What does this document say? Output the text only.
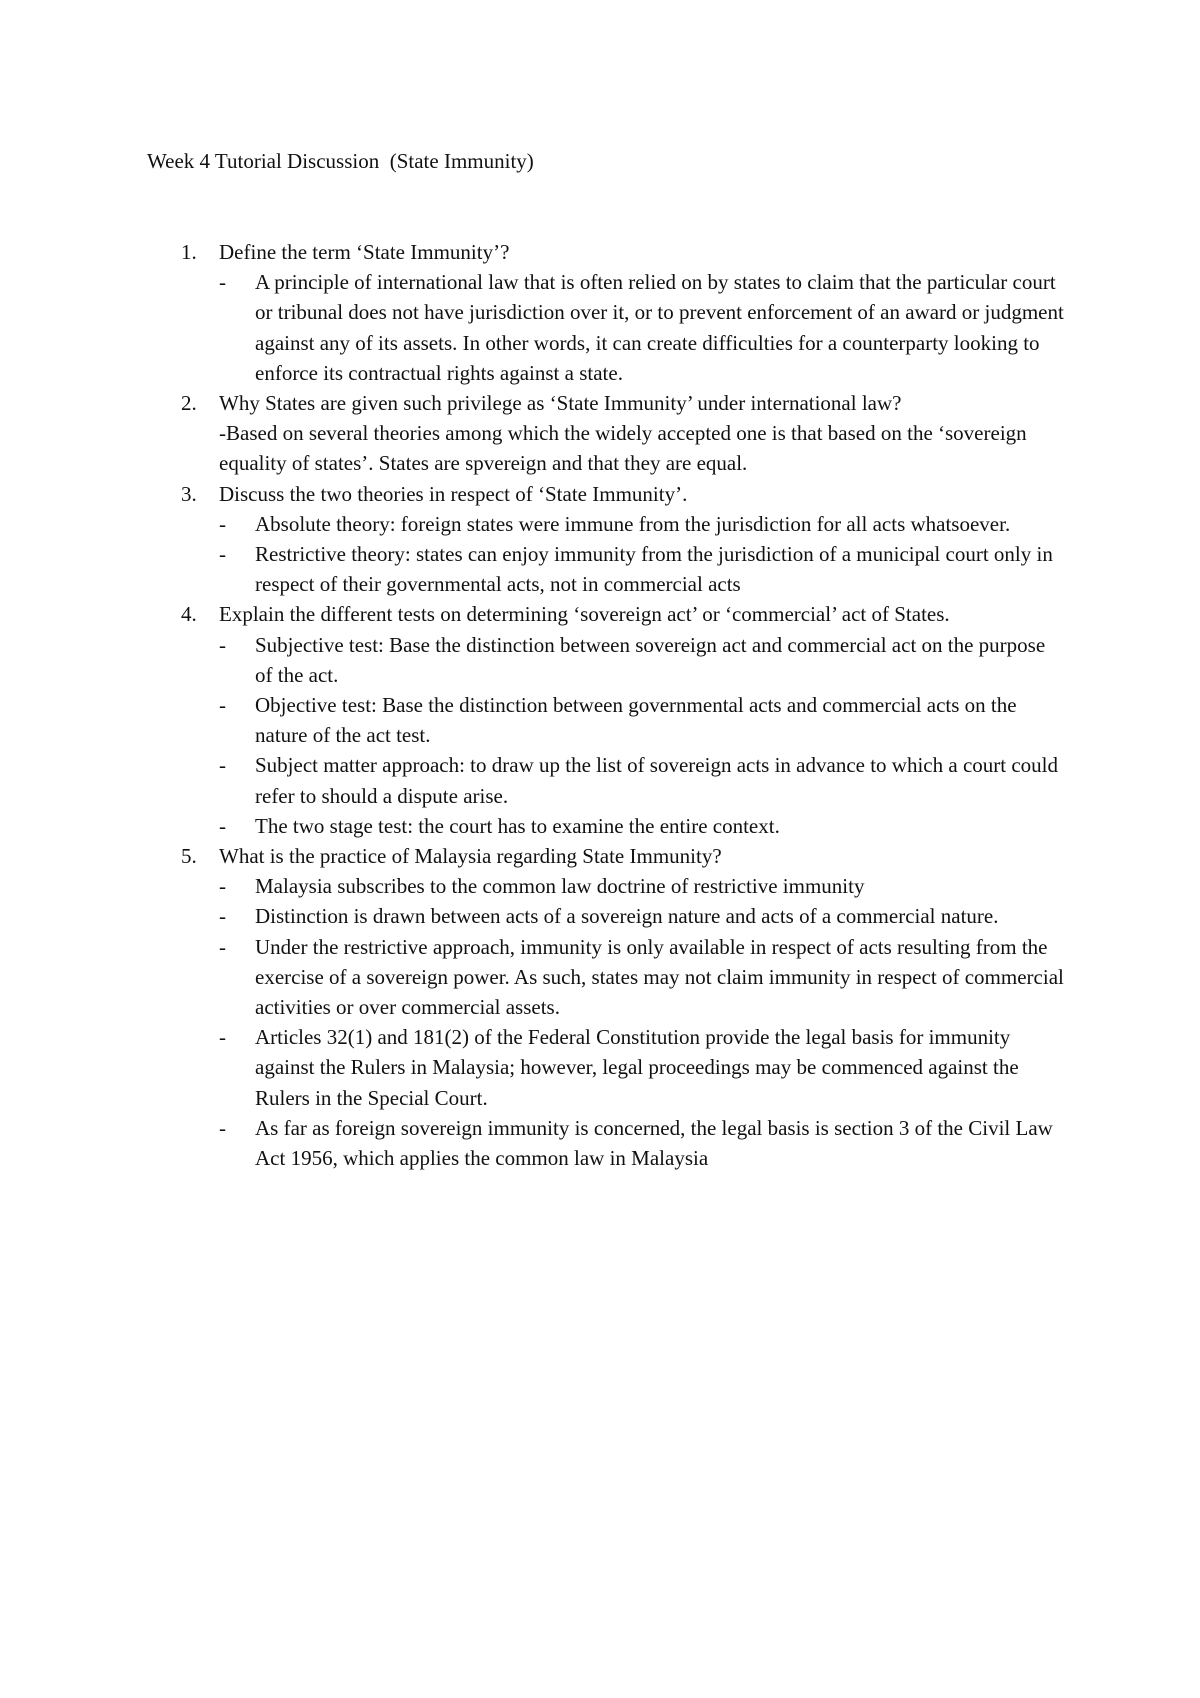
Week 4 Tutorial Discussion  (State Immunity)
1. Define the term ‘State Immunity’?
- A principle of international law that is often relied on by states to claim that the particular court or tribunal does not have jurisdiction over it, or to prevent enforcement of an award or judgment against any of its assets. In other words, it can create difficulties for a counterparty looking to enforce its contractual rights against a state.
2. Why States are given such privilege as ‘State Immunity’ under international law?
-Based on several theories among which the widely accepted one is that based on the ‘sovereign equality of states’. States are spvereign and that they are equal.
3. Discuss the two theories in respect of ‘State Immunity’.
- Absolute theory: foreign states were immune from the jurisdiction for all acts whatsoever.
- Restrictive theory: states can enjoy immunity from the jurisdiction of a municipal court only in respect of their governmental acts, not in commercial acts
4. Explain the different tests on determining ‘sovereign act’ or ‘commercial’ act of States.
- Subjective test: Base the distinction between sovereign act and commercial act on the purpose of the act.
- Objective test: Base the distinction between governmental acts and commercial acts on the nature of the act test.
- Subject matter approach: to draw up the list of sovereign acts in advance to which a court could refer to should a dispute arise.
- The two stage test: the court has to examine the entire context.
5. What is the practice of Malaysia regarding State Immunity?
- Malaysia subscribes to the common law doctrine of restrictive immunity
- Distinction is drawn between acts of a sovereign nature and acts of a commercial nature.
- Under the restrictive approach, immunity is only available in respect of acts resulting from the exercise of a sovereign power. As such, states may not claim immunity in respect of commercial activities or over commercial assets.
- Articles 32(1) and 181(2) of the Federal Constitution provide the legal basis for immunity against the Rulers in Malaysia; however, legal proceedings may be commenced against the Rulers in the Special Court.
- As far as foreign sovereign immunity is concerned, the legal basis is section 3 of the Civil Law Act 1956, which applies the common law in Malaysia
